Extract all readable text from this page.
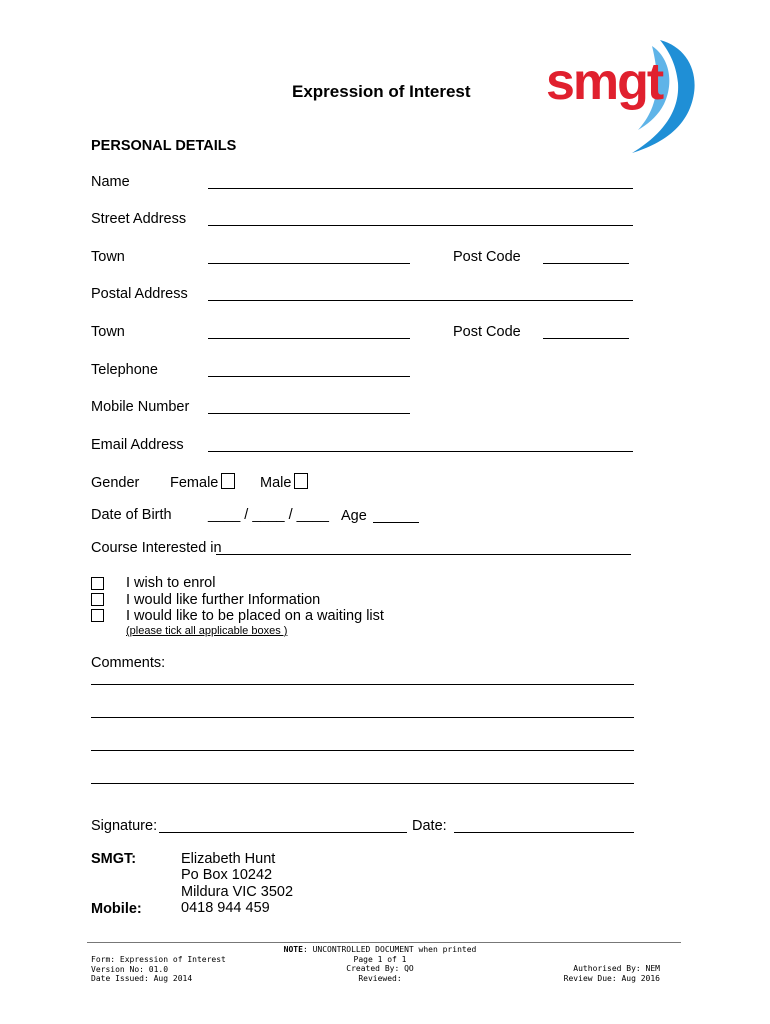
smgt
Expression of Interest
PERSONAL DETAILS
Name
Street Address
Town	Post Code
Postal Address
Town	Post Code
Telephone
Mobile Number
Email Address
Gender Female	Male
Date of Birth	____ / ____ / ____ Age
Course Interested in
I wish to enrol
I would like further Information
I would like to be placed on a waiting list
(please tick all applicable boxes )
Comments:
Signature:	Date:
SMGT:	Elizabeth Hunt
Po Box 10242
Mildura VIC 3502
Mobile:	0418 944 459
Form: Expression of Interest
Version No: 01.0
Date Issued: Aug 2014
NOTE: UNCONTROLLED DOCUMENT when printed
Page 1 of 1
Created By: QO
Reviewed:
Authorised By: NEM
Review Due: Aug 2016
